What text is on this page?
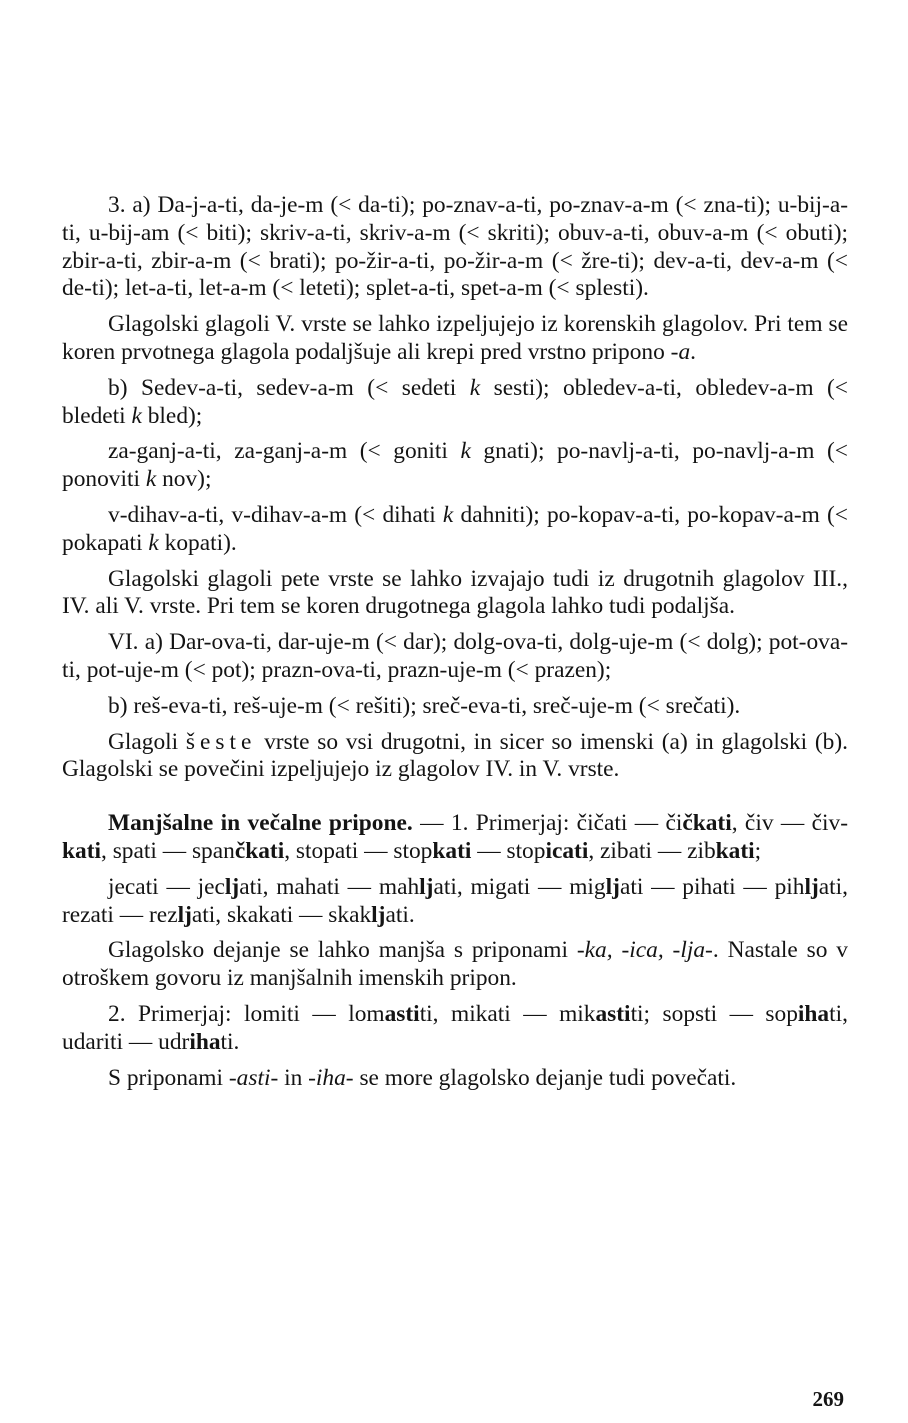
3. a) Da-j-a-ti, da-je-m (< da-ti); po-znav-a-ti, po-znav-a-m (< zna-ti); u-bij-a-ti, u-bij-am (< biti); skriv-a-ti, skriv-a-m (< skriti); obuv-a-ti, obuv-a-m (< obuti); zbir-a-ti, zbir-a-m (< brati); po-žir-a-ti, po-žir-a-m (< žre-ti); dev-a-ti, dev-a-m (< de-ti); let-a-ti, let-a-m (< leteti); splet-a-ti, spet-a-m (< splesti).

Glagolski glagoli V. vrste se lahko izpeljujejo iz korenskih glagolov. Pri tem se koren prvotnega glagola podaljšuje ali krepi pred vrstno pripono -a.

b) Sedev-a-ti, sedev-a-m (< sedeti k sesti); obledev-a-ti, obledev-a-m (< bledeti k bled);

za-ganj-a-ti, za-ganj-a-m (< goniti k gnati); po-navlj-a-ti, po-navlj-a-m (< ponoviti k nov);

v-dihav-a-ti, v-dihav-a-m (< dihati k dahniti); po-kopav-a-ti, po-kopav-a-m (< pokapati k kopati).

Glagolski glagoli pete vrste se lahko izvajajo tudi iz drugotnih glagolov III., IV. ali V. vrste. Pri tem se koren drugotnega glagola lahko tudi podaljša.

VI. a) Dar-ova-ti, dar-uje-m (< dar); dolg-ova-ti, dolg-uje-m (< dolg); pot-ova-ti, pot-uje-m (< pot); prazn-ova-ti, prazn-uje-m (< prazen);

b) reš-eva-ti, reš-uje-m (< rešiti); sreč-eva-ti, sreč-uje-m (< srečati).

Glagoli šeste vrste so vsi drugotni, in sicer so imenski (a) in glagolski (b). Glagolski se povečini izpeljujejo iz glagolov IV. in V. vrste.

Manjšalne in večalne pripone. — 1. Primerjaj: čičati — čičkati, čiv — čiv-kati, spati — spančkati, stopati — stopkati — stopicati, zibati — zibkati;

jecati — jecljati, mahati — mahljati, migati — migljati — pihati — pihljati, rezati — rezljati, skakati — skakljati.

Glagolsko dejanje se lahko manjša s priponami -ka, -ica, -lja-. Nastale so v otroškem govoru iz manjšalnih imenskih pripon.

2. Primerjaj: lomiti — lomastiti, mikati — mikastiti; sopsti — sopihati, udariti — udrihati.

S priponami -asti- in -iha- se more glagolsko dejanje tudi povečati.

269
